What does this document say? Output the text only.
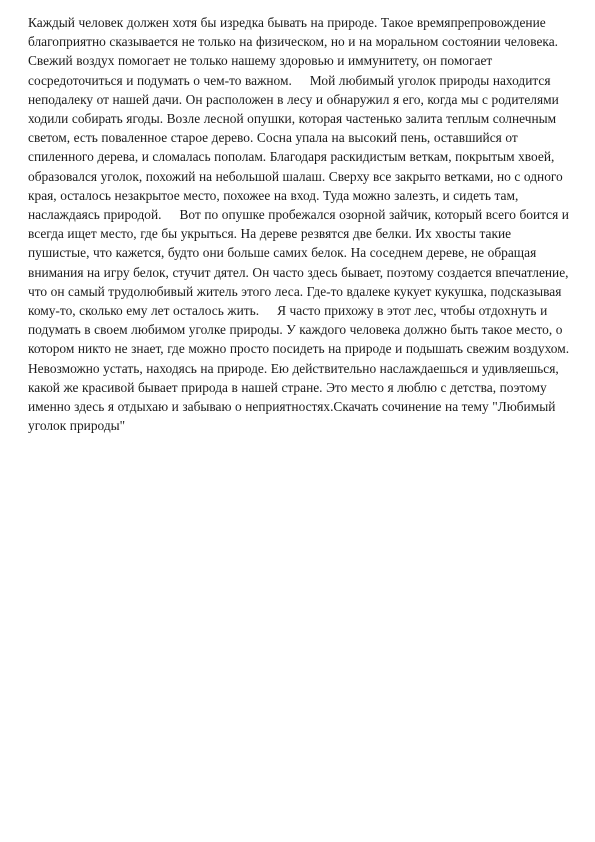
Каждый человек должен хотя бы изредка бывать на природе. Такое времяпрепровождение благоприятно сказывается не только на физическом, но и на моральном состоянии человека. Свежий воздух помогает не только нашему здоровью и иммунитету, он помогает сосредоточиться и подумать о чем-то важном. Мой любимый уголок природы находится неподалеку от нашей дачи. Он расположен в лесу и обнаружил я его, когда мы с родителями ходили собирать ягоды. Возле лесной опушки, которая частенько залита теплым солнечным светом, есть поваленное старое дерево. Сосна упала на высокий пень, оставшийся от спиленного дерева, и сломалась пополам. Благодаря раскидистым веткам, покрытым хвоей, образовался уголок, похожий на небольшой шалаш. Сверху все закрыто ветками, но с одного края, осталось незакрытое место, похожее на вход. Туда можно залезть, и сидеть там, наслаждаясь природой. Вот по опушке пробежался озорной зайчик, который всего боится и всегда ищет место, где бы укрыться. На дереве резвятся две белки. Их хвосты такие пушистые, что кажется, будто они больше самих белок. На соседнем дереве, не обращая внимания на игру белок, стучит дятел. Он часто здесь бывает, поэтому создается впечатление, что он самый трудолюбивый житель этого леса. Где-то вдалеке кукует кукушка, подсказывая кому-то, сколько ему лет осталось жить. Я часто прихожу в этот лес, чтобы отдохнуть и подумать в своем любимом уголке природы. У каждого человека должно быть такое место, о котором никто не знает, где можно просто посидеть на природе и подышать свежим воздухом. Невозможно устать, находясь на природе. Ею действительно наслаждаешься и удивляешься, какой же красивой бывает природа в нашей стране. Это место я люблю с детства, поэтому именно здесь я отдыхаю и забываю о неприятностях.Скачать сочинение на тему "Любимый уголок природы"
